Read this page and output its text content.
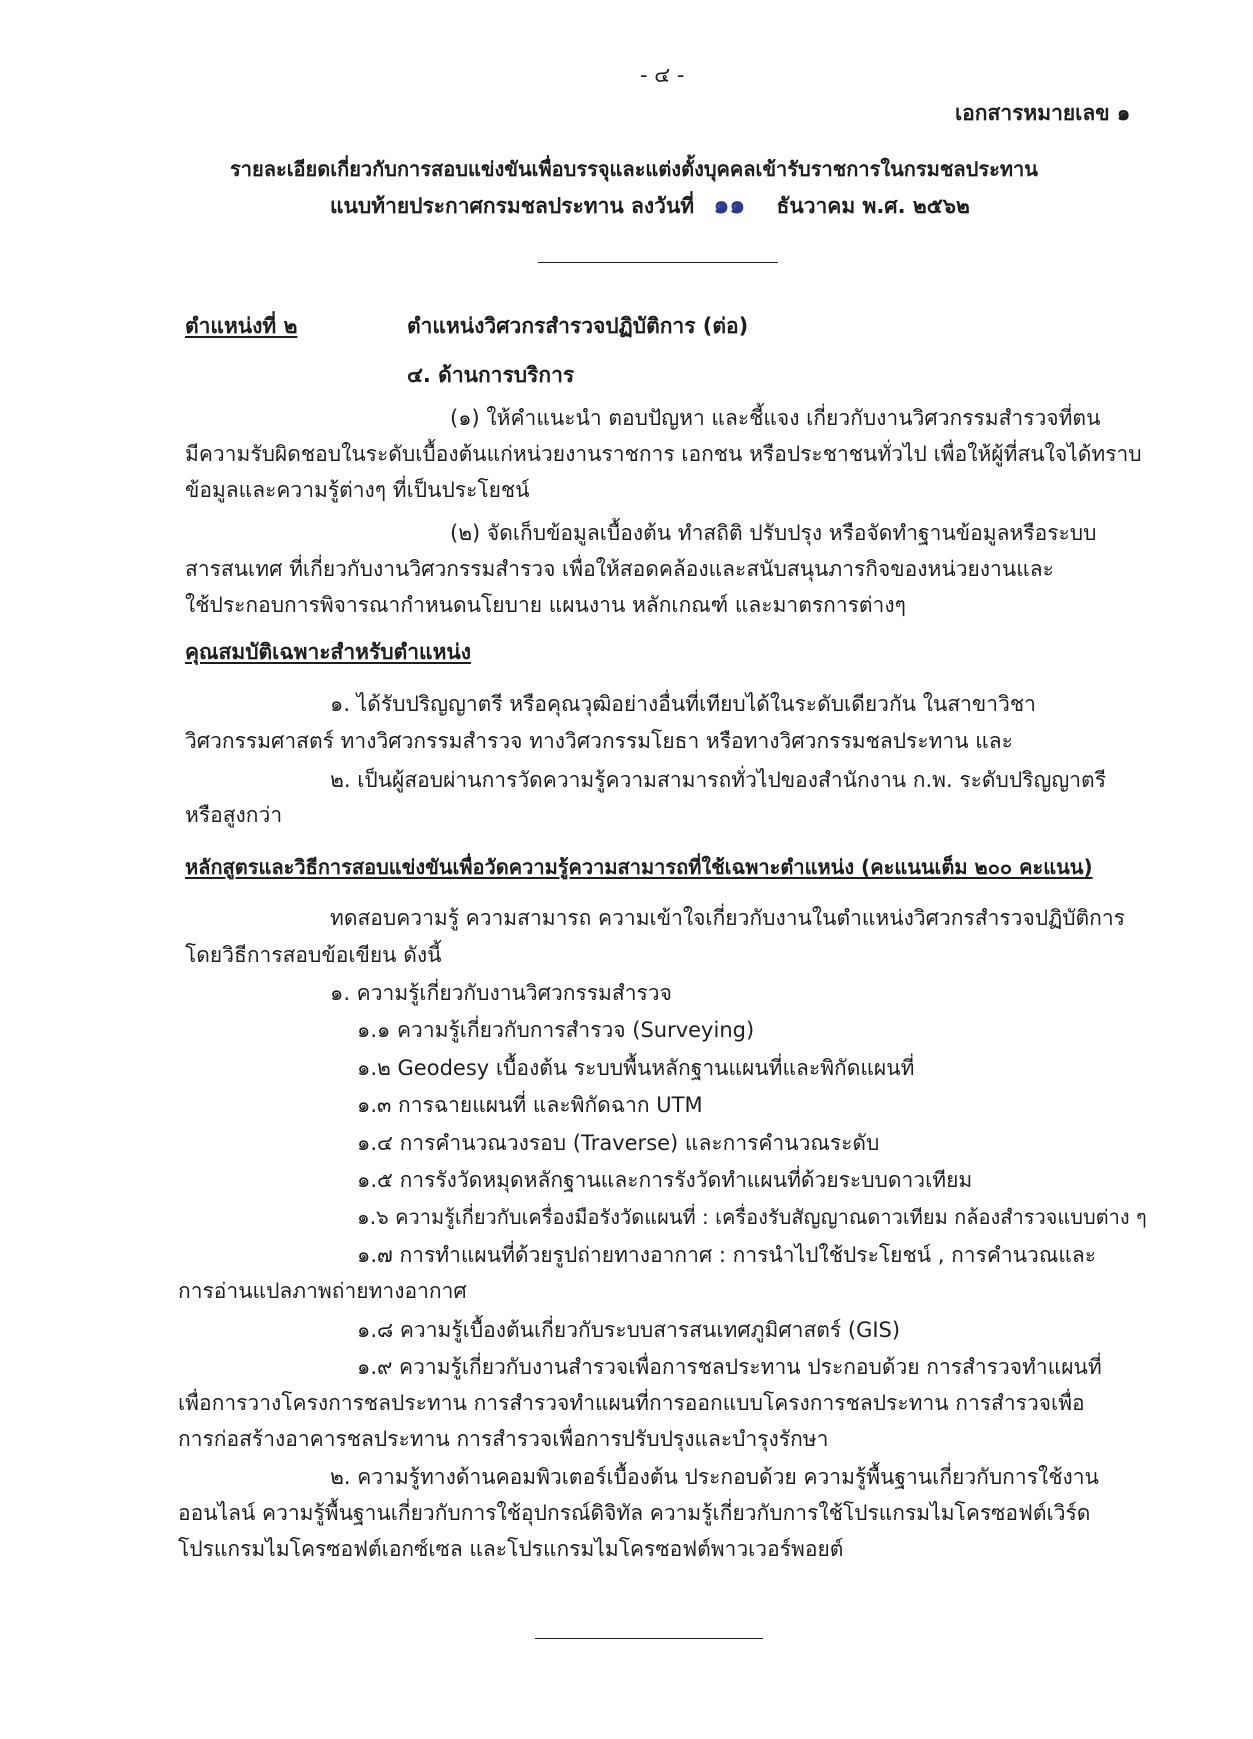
- ๔ -
เอกสารหมายเลข ๑
รายละเอียดเกี่ยวกับการสอบแข่งขันเพื่อบรรจุและแต่งตั้งบุคคลเข้ารับราชการในกรมชลประทาน
แนบท้ายประกาศกรมชลประทาน ลงวันที่ ๑๑ ธันวาคม พ.ศ. ๒๕๖๒
ตำแหน่งที่ ๒	ตำแหน่งวิศวกรสำรวจปฏิบัติการ (ต่อ)
๔. ด้านการบริการ
(๑) ให้คำแนะนำ ตอบปัญหา และชี้แจง เกี่ยวกับงานวิศวกรรมสำรวจที่ตน
มีความรับผิดชอบในระดับเบื้องต้นแก่หน่วยงานราชการ เอกชน หรือประชาชนทั่วไป เพื่อให้ผู้ที่สนใจได้ทราบ
ข้อมูลและความรู้ต่างๆ ที่เป็นประโยชน์
(๒) จัดเก็บข้อมูลเบื้องต้น ทำสถิติ ปรับปรุง หรือจัดทำฐานข้อมูลหรือระบบ
สารสนเทศ ที่เกี่ยวกับงานวิศวกรรมสำรวจ เพื่อให้สอดคล้องและสนับสนุนภารกิจของหน่วยงานและ
ใช้ประกอบการพิจารณากำหนดนโยบาย แผนงาน หลักเกณฑ์ และมาตรการต่างๆ
คุณสมบัติเฉพาะสำหรับตำแหน่ง
๑. ได้รับปริญญาตรี หรือคุณวุฒิอย่างอื่นที่เทียบได้ในระดับเดียวกัน ในสาขาวิชา
วิศวกรรมศาสตร์ ทางวิศวกรรมสำรวจ ทางวิศวกรรมโยธา หรือทางวิศวกรรมชลประทาน และ
๒. เป็นผู้สอบผ่านการวัดความรู้ความสามารถทั่วไปของสำนักงาน ก.พ. ระดับปริญญาตรี
หรือสูงกว่า
หลักสูตรและวิธีการสอบแข่งขันเพื่อวัดความรู้ความสามารถที่ใช้เฉพาะตำแหน่ง (คะแนนเต็ม ๒๐๐ คะแนน)
ทดสอบความรู้ ความสามารถ ความเข้าใจเกี่ยวกับงานในตำแหน่งวิศวกรสำรวจปฏิบัติการ
โดยวิธีการสอบข้อเขียน ดังนี้
๑. ความรู้เกี่ยวกับงานวิศวกรรมสำรวจ
๑.๑ ความรู้เกี่ยวกับการสำรวจ (Surveying)
๑.๒ Geodesy เบื้องต้น ระบบพื้นหลักฐานแผนที่และพิกัดแผนที่
๑.๓ การฉายแผนที่ และพิกัดฉาก UTM
๑.๔ การคำนวณวงรอบ (Traverse) และการคำนวณระดับ
๑.๕ การรังวัดหมุดหลักฐานและการรังวัดทำแผนที่ด้วยระบบดาวเทียม
๑.๖ ความรู้เกี่ยวกับเครื่องมือรังวัดแผนที่ : เครื่องรับสัญญาณดาวเทียม กล้องสำรวจแบบต่าง ๆ
๑.๗ การทำแผนที่ด้วยรูปถ่ายทางอากาศ : การนำไปใช้ประโยชน์ , การคำนวณและ
การอ่านแปลภาพถ่ายทางอากาศ
๑.๘ ความรู้เบื้องต้นเกี่ยวกับระบบสารสนเทศภูมิศาสตร์ (GIS)
๑.๙ ความรู้เกี่ยวกับงานสำรวจเพื่อการชลประทาน ประกอบด้วย การสำรวจทำแผนที่
เพื่อการวางโครงการชลประทาน การสำรวจทำแผนที่การออกแบบโครงการชลประทาน การสำรวจเพื่อ
การก่อสร้างอาคารชลประทาน การสำรวจเพื่อการปรับปรุงและบำรุงรักษา
๒. ความรู้ทางด้านคอมพิวเตอร์เบื้องต้น ประกอบด้วย ความรู้พื้นฐานเกี่ยวกับการใช้งาน
ออนไลน์ ความรู้พื้นฐานเกี่ยวกับการใช้อุปกรณ์ดิจิทัล ความรู้เกี่ยวกับการใช้โปรแกรมไมโครซอฟต์เวิร์ด
โปรแกรมไมโครซอฟต์เอกซ์เซล และโปรแกรมไมโครซอฟต์พาวเวอร์พอยต์
